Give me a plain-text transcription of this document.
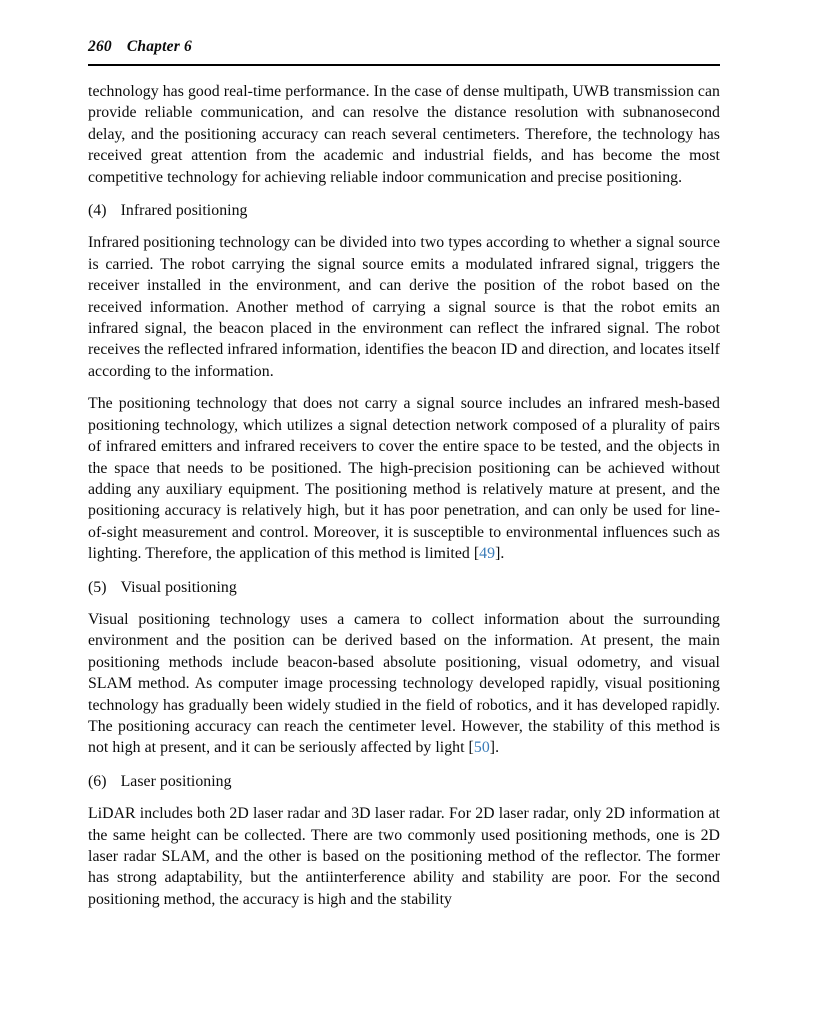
260 Chapter 6

technology has good real-time performance. In the case of dense multipath, UWB transmission can provide reliable communication, and can resolve the distance resolution with subnanosecond delay, and the positioning accuracy can reach several centimeters. Therefore, the technology has received great attention from the academic and industrial fields, and has become the most competitive technology for achieving reliable indoor communication and precise positioning.

(4) Infrared positioning

Infrared positioning technology can be divided into two types according to whether a signal source is carried. The robot carrying the signal source emits a modulated infrared signal, triggers the receiver installed in the environment, and can derive the position of the robot based on the received information. Another method of carrying a signal source is that the robot emits an infrared signal, the beacon placed in the environment can reflect the infrared signal. The robot receives the reflected infrared information, identifies the beacon ID and direction, and locates itself according to the information.

The positioning technology that does not carry a signal source includes an infrared mesh-based positioning technology, which utilizes a signal detection network composed of a plurality of pairs of infrared emitters and infrared receivers to cover the entire space to be tested, and the objects in the space that needs to be positioned. The high-precision positioning can be achieved without adding any auxiliary equipment. The positioning method is relatively mature at present, and the positioning accuracy is relatively high, but it has poor penetration, and can only be used for line-of-sight measurement and control. Moreover, it is susceptible to environmental influences such as lighting. Therefore, the application of this method is limited [49].

(5) Visual positioning

Visual positioning technology uses a camera to collect information about the surrounding environment and the position can be derived based on the information. At present, the main positioning methods include beacon-based absolute positioning, visual odometry, and visual SLAM method. As computer image processing technology developed rapidly, visual positioning technology has gradually been widely studied in the field of robotics, and it has developed rapidly. The positioning accuracy can reach the centimeter level. However, the stability of this method is not high at present, and it can be seriously affected by light [50].

(6) Laser positioning

LiDAR includes both 2D laser radar and 3D laser radar. For 2D laser radar, only 2D information at the same height can be collected. There are two commonly used positioning methods, one is 2D laser radar SLAM, and the other is based on the positioning method of the reflector. The former has strong adaptability, but the antiinterference ability and stability are poor. For the second positioning method, the accuracy is high and the stability
